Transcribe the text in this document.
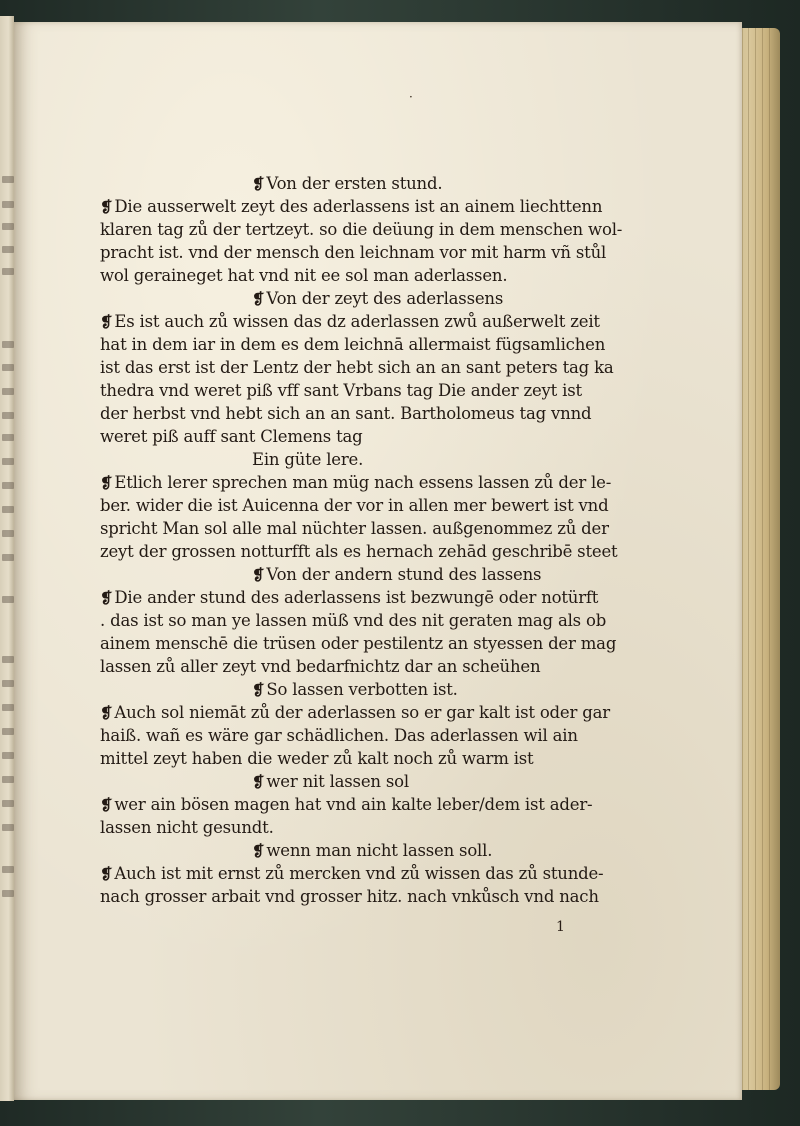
·
❡ Von der ersten stund.
❡ Die ausserwelt zeyt des aderlassens ist an ainem liechttenn
klaren tag zů der tertzeyt. so die deüung in dem menschen wol-
pracht ist. vnd der mensch den leichnam vor mit harm vñ stůl
wol geraineget hat vnd nit ee sol man aderlassen.
❡ Von der zeyt des aderlassens
❡ Es ist auch zů wissen das dz aderlassen zwů außerwelt zeit
hat in dem iar in dem es dem leichnā allermaist fügsamlichen
ist das erst ist der Lentz der hebt sich an an sant peters tag ka
thedra vnd weret piß vff sant Vrbans tag Die ander zeyt ist
der herbst vnd hebt sich an an sant. Bartholomeus tag vnnd
weret piß auff sant Clemens tag
Ein güte lere.
❡ Etlich lerer sprechen man müg nach essens lassen zů der le-
ber. wider die ist Auicenna der vor in allen mer bewert ist vnd
spricht Man sol alle mal nüchter lassen. außgenommez zů der
zeyt der grossen notturfft als es hernach zehād geschribē steet
❡ Von der andern stund des lassens
❡ Die ander stund des aderlassens ist bezwungē oder notürft
. das ist so man ye lassen müß vnd des nit geraten mag als ob
ainem menschē die trüsen oder pestilentz an styessen der mag
lassen zů aller zeyt vnd bedarfnichtz dar an scheühen
❡ So lassen verbotten ist.
❡ Auch sol niemāt zů der aderlassen so er gar kalt ist oder gar
haiß. wañ es wäre gar schädlichen. Das aderlassen wil ain
mittel zeyt haben die weder zů kalt noch zů warm ist
❡ wer nit lassen sol
❡ wer ain bösen magen hat vnd ain kalte leber/dem ist ader-
lassen nicht gesundt.
❡ wenn man nicht lassen soll.
❡ Auch ist mit ernst zů mercken vnd zů wissen das zů stunde-
nach grosser arbait vnd grosser hitz. nach vnkůsch vnd nach
1
